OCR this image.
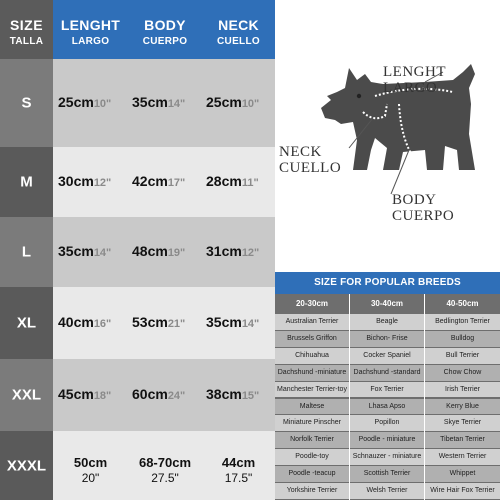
SIZE
TALLA
LENGHT
LARGO
BODY
CUERPO
NECK
CUELLO
S
M
L
XL
XXL
XXXL
25cm10" 35cm14" 25cm10"
30cm12" 42cm17" 28cm11"
35cm14" 48cm19" 31cm12"
40cm16" 53cm21" 35cm14"
45cm18" 60cm24" 38cm15"
50cm
20"
68-70cm
27.5"
44cm
17.5"
LENGHT
LARGO
NECK
CUELLO
BODY
CUERPO
SIZE FOR POPULAR BREEDS
20-30cm
Australian Terrier
Brussels Griffon
Chihuahua
Dachshund -miniature
Manchester Terrier-toy
Maltese
Miniature Pinscher
Norfolk Terrier
Poodle-toy
Poodle -teacup
Yorkshire Terrier
30-40cm
Beagle
Bichon- Frise
Cocker Spaniel
Dachshund -standard
Fox Terrier
Lhasa Apso
Popillon
Poodle - miniature
Schnauzer - miniature
Scottish Terrier
Welsh Terrier
40-50cm
Bedlington Terrier
Bulldog
Bull Terrier
Chow Chow
Irish Terrier
Kerry Blue
Skye Terrier
Tibetan Terrier
Western Terrier
Whippet
Wire Hair Fox Terrier
